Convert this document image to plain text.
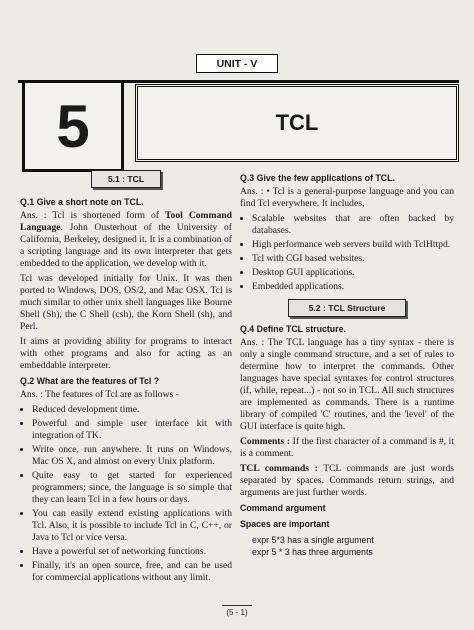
UNIT - V
5	TCL
5.1 : TCL
Q.1 Give a short note on TCL.

Ans. : Tcl is shortened form of Tool Command Language. John Ousterhout of the University of California, Berkeley, designed it. It is a combination of a scripting language and its own interpreter that gets embedded to the application, we develop with it.

Tcl was developed initially for Unix. It was then ported to Windows, DOS, OS/2, and Mac OSX. Tcl is much similar to other unix shell languages like Bourne Shell (Sh), the C Shell (csh), the Korn Shell (sh), and Perl.

It aims at providing ability for programs to interact with other programs and also for acting as an embeddable interpreter.

Q.2 What are the features of Tcl ?

Ans. : The features of Tcl are as follows -

• Reduced development time.
• Powerful and simple user interface kit with integration of TK.
• Write once, run anywhere. It runs on Windows, Mac OS X, and almost on every Unix platform.
• Quite easy to get started for experienced programmers; since, the language is so simple that they can learn Tcl in a few hours or days.
• You can easily extend existing applications with Tcl. Also, it is possible to include Tcl in C, C++, or Java to Tcl or vice versa.
• Have a powerful set of networking functions.
• Finally, it's an open source, free, and can be used for commercial applications without any limit.
Q.3 Give the few applications of TCL.

Ans. : • Tcl is a general-purpose language and you can find Tcl everywhere. It includes,

• Scalable websites that are often backed by databases.
• High performance web servers build with TclHttpd.
• Tcl with CGI based websites.
• Desktop GUI applications.
• Embedded applications.
5.2 : TCL Structure
Q.4 Define TCL structure.

Ans. : The TCL language has a tiny syntax - there is only a single command structure, and a set of rules to determine how to interpret the commands. Other languages have special syntaxes for control structures (if, while, repeat...) - not so in TCL. All such structures are implemented as commands. There is a runtime library of compiled 'C' routines, and the 'level' of the GUI interface is quite high.

Comments : If the first character of a command is #, it is a comment.

TCL commands : TCL commands are just words separated by spaces. Commands return strings, and arguments are just further words.

Command argument
Spaces are important
expr 5*3 has a single argument
expr 5 * 3 has three arguments
(5 - 1)
